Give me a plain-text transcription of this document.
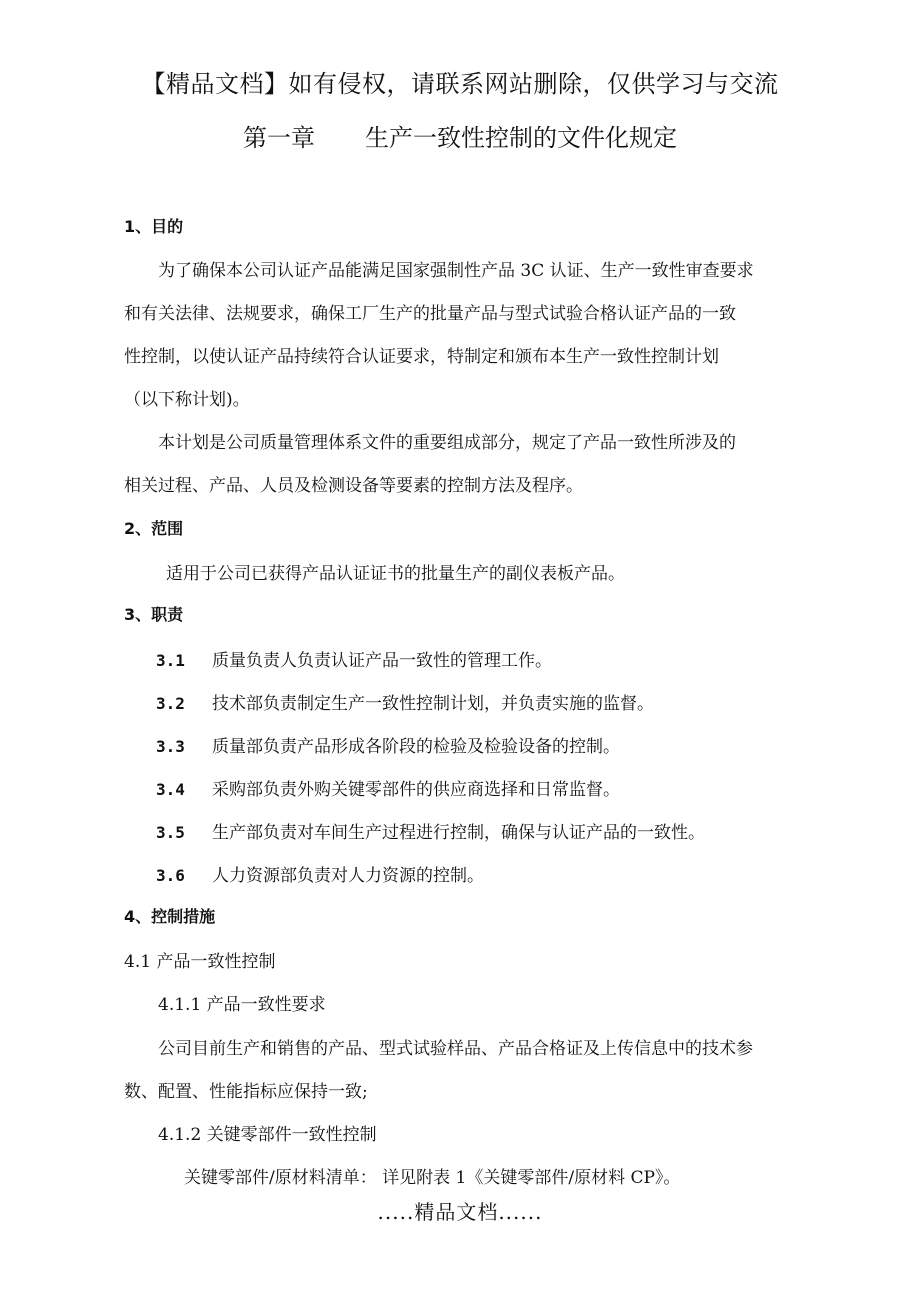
【精品文档】如有侵权，请联系网站删除，仅供学习与交流
第一章 生产一致性控制的文件化规定
1、目的
为了确保本公司认证产品能满足国家强制性产品 3C 认证、生产一致性审查要求
和有关法律、法规要求，确保工厂生产的批量产品与型式试验合格认证产品的一致
性控制，以使认证产品持续符合认证要求，特制定和颁布本生产一致性控制计划
（以下称计划)。
本计划是公司质量管理体系文件的重要组成部分，规定了产品一致性所涉及的
相关过程、产品、人员及检测设备等要素的控制方法及程序。
2、范围
适用于公司已获得产品认证证书的批量生产的副仪表板产品。
3、职责
3.1 质量负责人负责认证产品一致性的管理工作。
3.2 技术部负责制定生产一致性控制计划，并负责实施的监督。
3.3 质量部负责产品形成各阶段的检验及检验设备的控制。
3.4 采购部负责外购关键零部件的供应商选择和日常监督。
3.5 生产部负责对车间生产过程进行控制，确保与认证产品的一致性。
3.6 人力资源部负责对人力资源的控制。
4、控制措施
4.1 产品一致性控制
4.1.1 产品一致性要求
公司目前生产和销售的产品、型式试验样品、产品合格证及上传信息中的技术参
数、配置、性能指标应保持一致;
4.1.2 关键零部件一致性控制
关键零部件/原材料清单： 详见附表 1《关键零部件/原材料 CP》。
.....精品文档......
